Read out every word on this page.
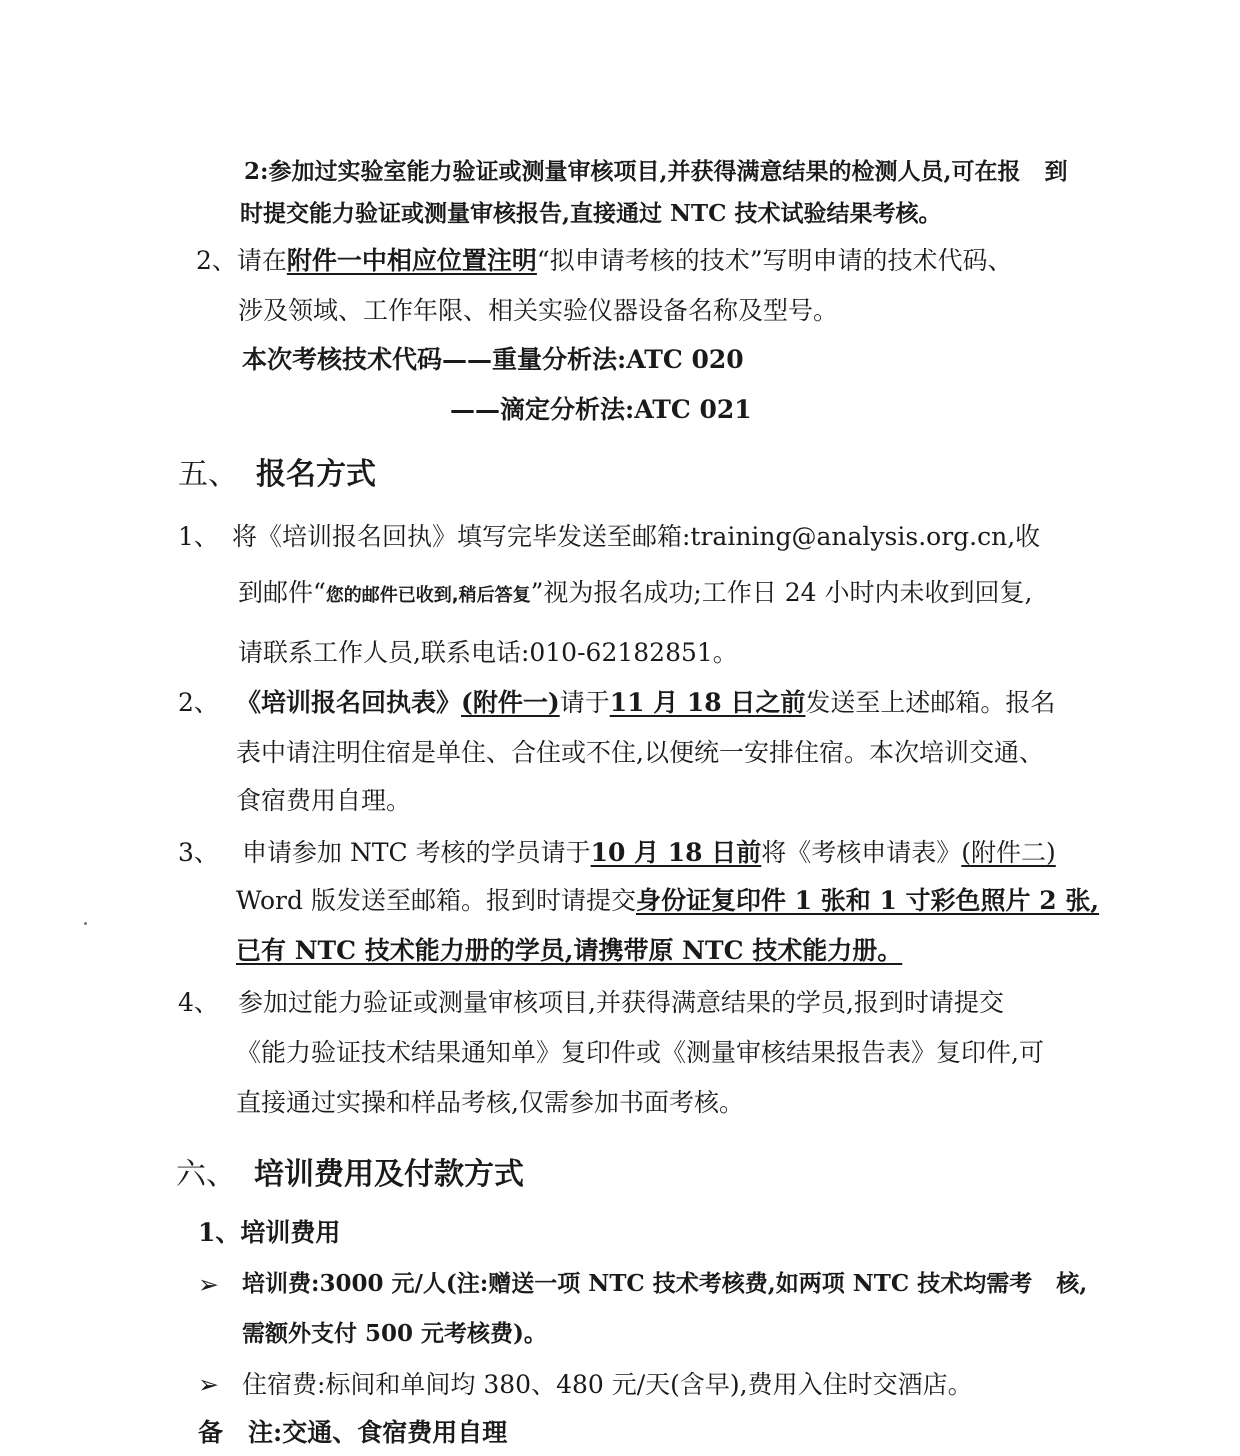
2:参加过实验室能力验证或测量审核项目,并获得满意结果的检测人员,可在报 到
时提交能力验证或测量审核报告,直接通过 NTC 技术试验结果考核。
2、请在附件一中相应位置注明“拟申请考核的技术”写明申请的技术代码、
涉及领域、工作年限、相关实验仪器设备名称及型号。
本次考核技术代码——重量分析法:ATC 020
——滴定分析法:ATC 021
五、 报名方式
1、 将《培训报名回执》填写完毕发送至邮箱:training@analysis.org.cn,收
到邮件“您的邮件已收到,稍后答复”视为报名成功;工作日 24 小时内未收到回复,
请联系工作人员,联系电话:010-62182851。
2、 《培训报名回执表》(附件一)请于11 月 18 日之前发送至上述邮箱。报名
表中请注明住宿是单住、合住或不住,以便统一安排住宿。本次培训交通、
食宿费用自理。
3、 申请参加 NTC 考核的学员请于10 月 18 日前将《考核申请表》(附件二)
Word 版发送至邮箱。报到时请提交身份证复印件 1 张和 1 寸彩色照片 2 张,
已有 NTC 技术能力册的学员,请携带原 NTC 技术能力册。
4、 参加过能力验证或测量审核项目,并获得满意结果的学员,报到时请提交
《能力验证技术结果通知单》复印件或《测量审核结果报告表》复印件,可
直接通过实操和样品考核,仅需参加书面考核。
六、 培训费用及付款方式
1、培训费用
➢ 培训费:3000 元/人(注:赠送一项 NTC 技术考核费,如两项 NTC 技术均需考 核,
需额外支付 500 元考核费)。
➢ 住宿费:标间和单间均 380、480 元/天(含早),费用入住时交酒店。
备　注:交通、食宿费用自理
